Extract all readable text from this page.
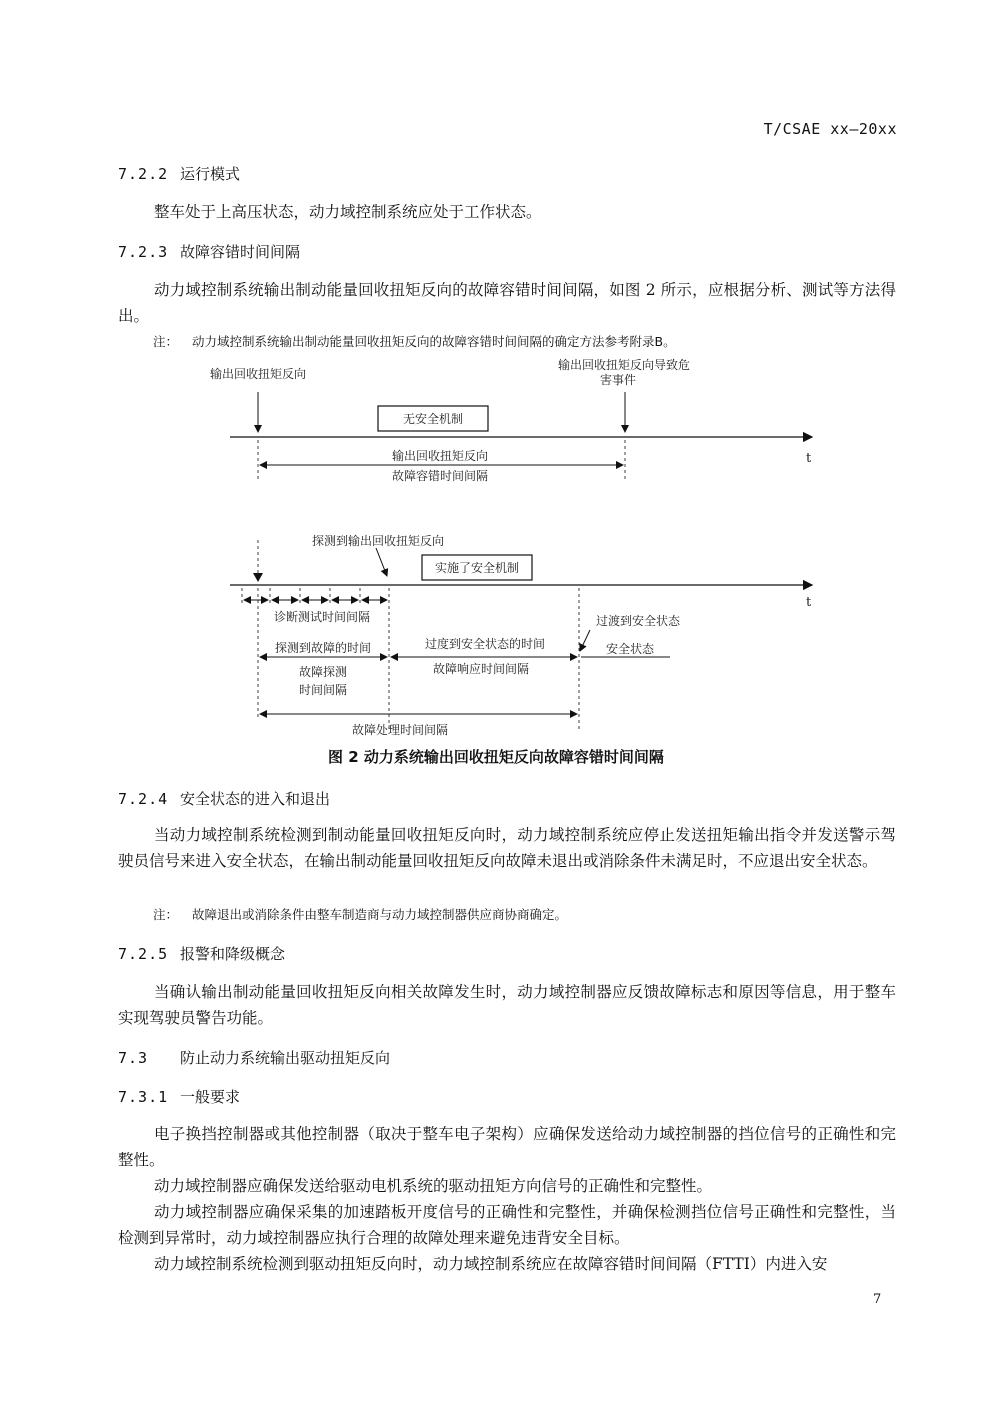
T/CSAE xx—20xx
7.2.2 运行模式
整车处于上高压状态，动力域控制系统应处于工作状态。
7.2.3 故障容错时间间隔
动力域控制系统输出制动能量回收扭矩反向的故障容错时间间隔，如图 2 所示，应根据分析、测试等方法得出。
注： 动力域控制系统输出制动能量回收扭矩反向的故障容错时间间隔的确定方法参考附录B。
输出回收扭矩反向
输出回收扭矩反向导致危
害事件
无安全机制
t
输出回收扭矩反向
故障容错时间间隔
探测到输出回收扭矩反向
实施了安全机制
t
诊断测试时间间隔
探测到故障的时间
故障探测
时间间隔
过度到安全状态的时间
故障响应时间间隔
过渡到安全状态
安全状态
故障处理时间间隔
图 2 动力系统输出回收扭矩反向故障容错时间间隔
7.2.4 安全状态的进入和退出
当动力域控制系统检测到制动能量回收扭矩反向时，动力域控制系统应停止发送扭矩输出指令并发送警示驾驶员信号来进入安全状态，在输出制动能量回收扭矩反向故障未退出或消除条件未满足时，不应退出安全状态。
注： 故障退出或消除条件由整车制造商与动力域控制器供应商协商确定。
7.2.5 报警和降级概念
当确认输出制动能量回收扭矩反向相关故障发生时，动力域控制器应反馈故障标志和原因等信息，用于整车实现驾驶员警告功能。
7.3 防止动力系统输出驱动扭矩反向
7.3.1 一般要求
电子换挡控制器或其他控制器（取决于整车电子架构）应确保发送给动力域控制器的挡位信号的正确性和完整性。
动力域控制器应确保发送给驱动电机系统的驱动扭矩方向信号的正确性和完整性。
动力域控制器应确保采集的加速踏板开度信号的正确性和完整性，并确保检测挡位信号正确性和完整性，当检测到异常时，动力域控制器应执行合理的故障处理来避免违背安全目标。
动力域控制系统检测到驱动扭矩反向时，动力域控制系统应在故障容错时间间隔（FTTI）内进入安
7
